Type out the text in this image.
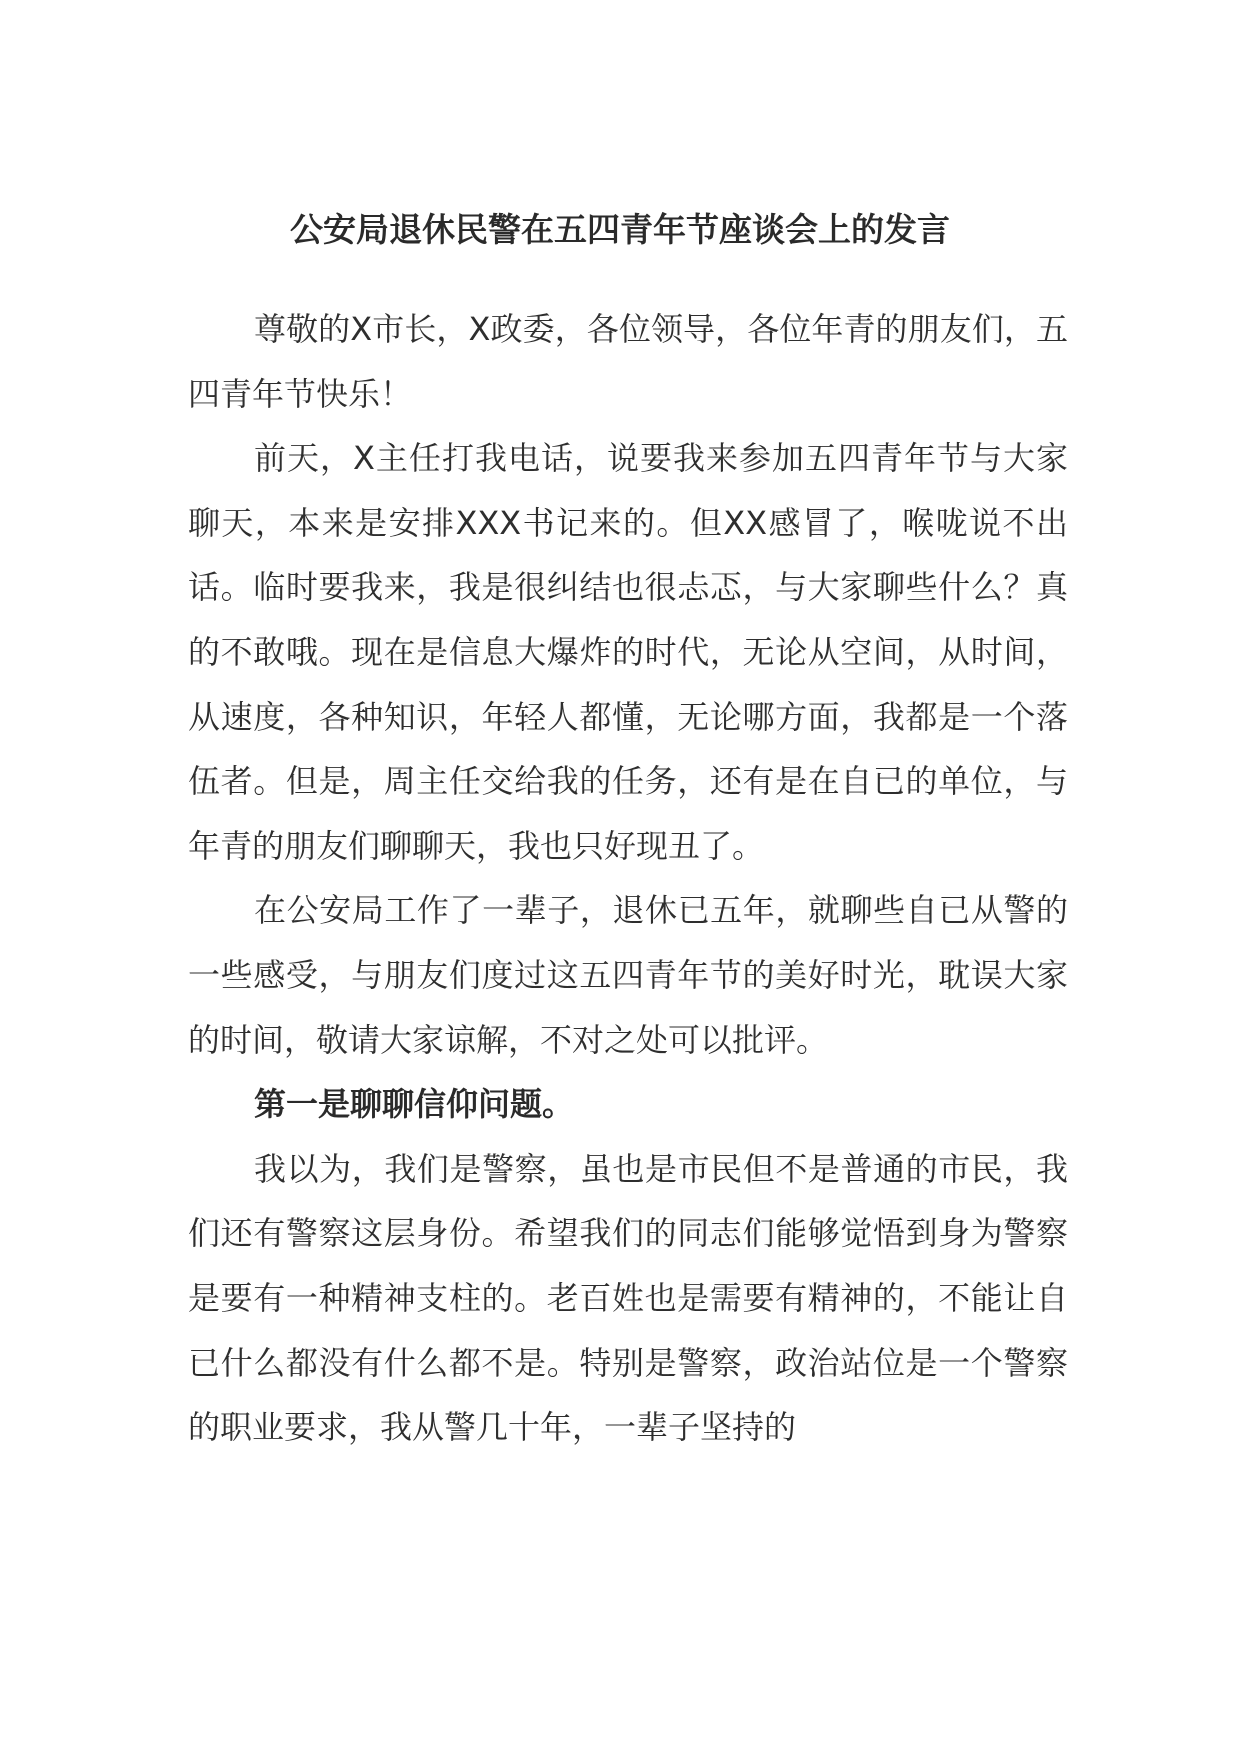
公安局退休民警在五四青年节座谈会上的发言

尊敬的X市长，X政委，各位领导，各位年青的朋友们，五四青年节快乐！

前天，X主任打我电话，说要我来参加五四青年节与大家聊天，本来是安排XXX书记来的。但XX感冒了，喉咙说不出话。临时要我来，我是很纠结也很忐忑，与大家聊些什么？真的不敢哦。现在是信息大爆炸的时代，无论从空间，从时间，从速度，各种知识，年轻人都懂，无论哪方面，我都是一个落伍者。但是，周主任交给我的任务，还有是在自已的单位，与年青的朋友们聊聊天，我也只好现丑了。

在公安局工作了一辈子，退休已五年，就聊些自已从警的一些感受，与朋友们度过这五四青年节的美好时光，耽误大家的时间，敬请大家谅解，不对之处可以批评。

第一是聊聊信仰问题。

我以为，我们是警察，虽也是市民但不是普通的市民，我们还有警察这层身份。希望我们的同志们能够觉悟到身为警察是要有一种精神支柱的。老百姓也是需要有精神的，不能让自已什么都没有什么都不是。特别是警察，政治站位是一个警察的职业要求，我从警几十年，一辈子坚持的
